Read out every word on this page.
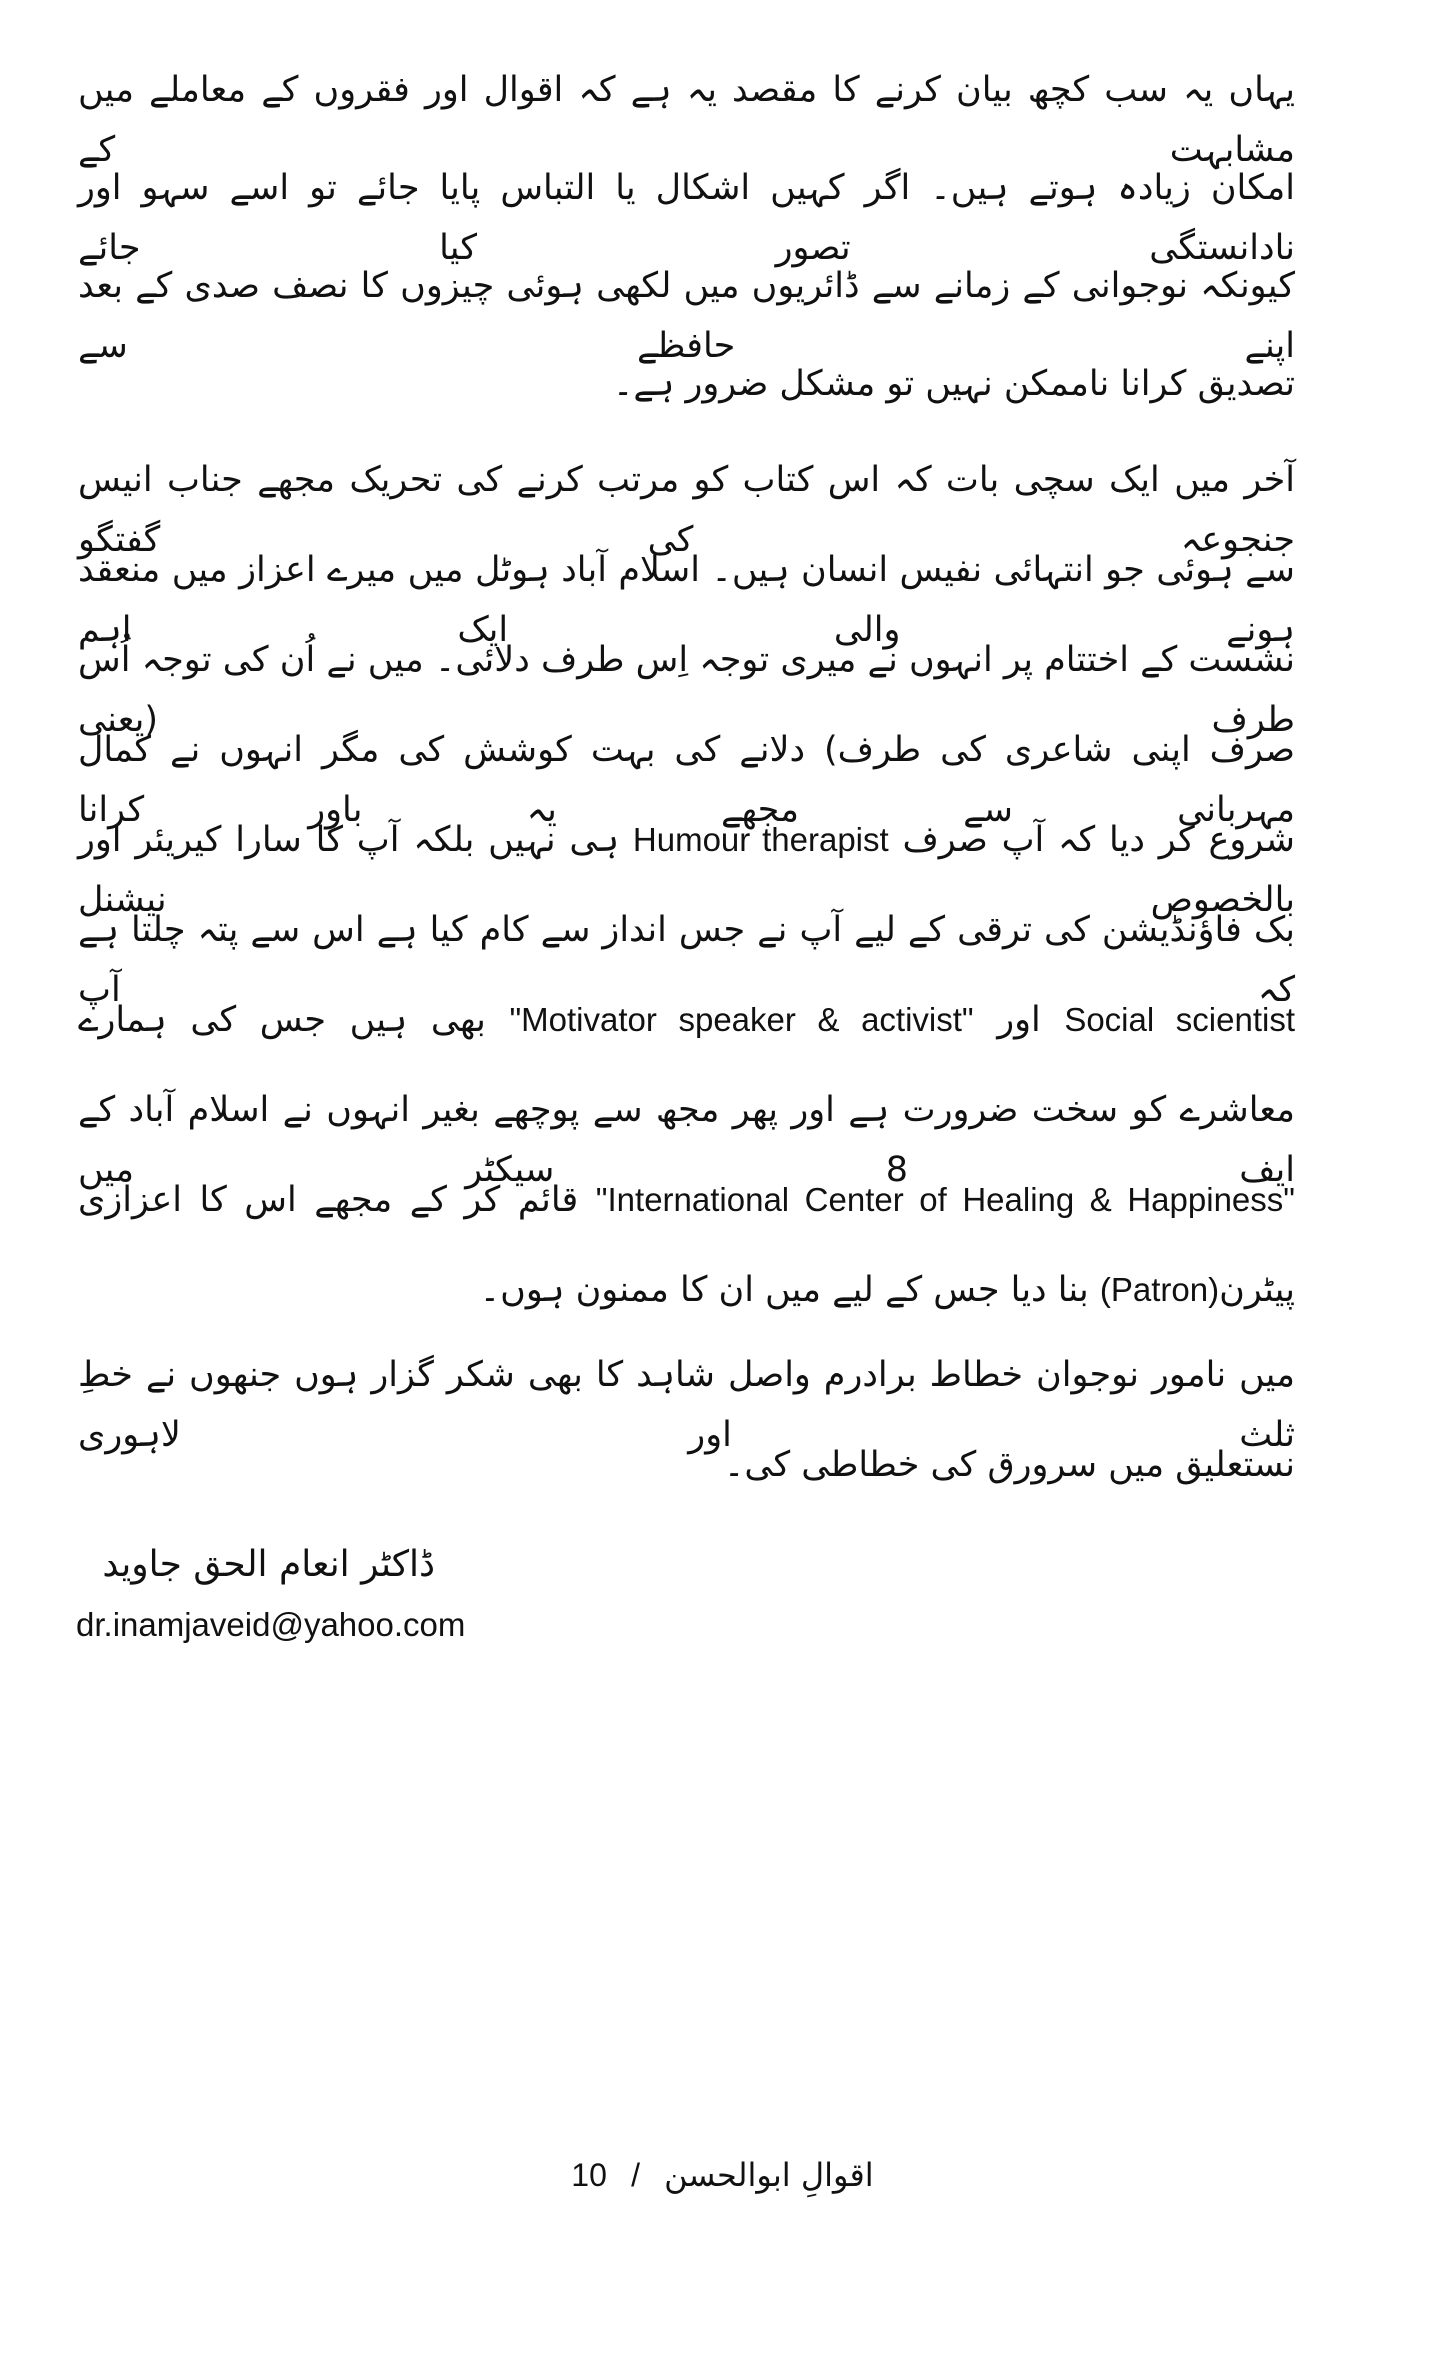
یہاں یہ سب کچھ بیان کرنے کا مقصد یہ ہے کہ اقوال اور فقروں کے معاملے میں مشابہت کے
امکان زیادہ ہوتے ہیں۔ اگر کہیں اشکال یا التباس پایا جائے تو اسے سہو اور نادانستگی تصور کیا جائے
کیونکہ نوجوانی کے زمانے سے ڈائریوں میں لکھی ہوئی چیزوں کا نصف صدی کے بعد اپنے حافظے سے
تصدیق کرانا ناممکن نہیں تو مشکل ضرور ہے۔
آخر میں ایک سچی بات کہ اس کتاب کو مرتب کرنے کی تحریک مجھے جناب انیس جنجوعہ کی گفتگو
سے ہوئی جو انتہائی نفیس انسان ہیں۔ اسلام آباد ہوٹل میں میرے اعزاز میں منعقد ہونے والی ایک اہم
نشست کے اختتام پر انہوں نے میری توجہ اِس طرف دلائی۔ میں نے اُن کی توجہ اُس طرف (یعنی
صرف اپنی شاعری کی طرف) دلانے کی بہت کوشش کی مگر انہوں نے کمال مہربانی سے مجھے یہ باور کرانا
شروع کر دیا کہ آپ صرف Humour therapist ہی نہیں بلکہ آپ کا سارا کیریئر اور بالخصوص نیشنل
بک فاؤنڈیشن کی ترقی کے لیے آپ نے جس انداز سے کام کیا ہے اس سے پتہ چلتا ہے کہ آپ
Social scientist اور "Motivator speaker & activist" بھی ہیں جس کی ہمارے
معاشرے کو سخت ضرورت ہے اور پھر مجھ سے پوچھے بغیر انہوں نے اسلام آباد کے ایف 8 سیکٹر میں
"International Center of Healing & Happiness" قائم کر کے مجھے اس کا اعزازی
پیٹرن(Patron) بنا دیا جس کے لیے میں ان کا ممنون ہوں۔
میں نامور نوجوان خطاط برادرم واصل شاہد کا بھی شکر گزار ہوں جنھوں نے خطِ ثلث اور لاہوری
نستعلیق میں سرورق کی خطاطی کی۔
ڈاکٹر انعام الحق جاوید
dr.inamjaveid@yahoo.com
10 / اقوالِ ابوالحسن
